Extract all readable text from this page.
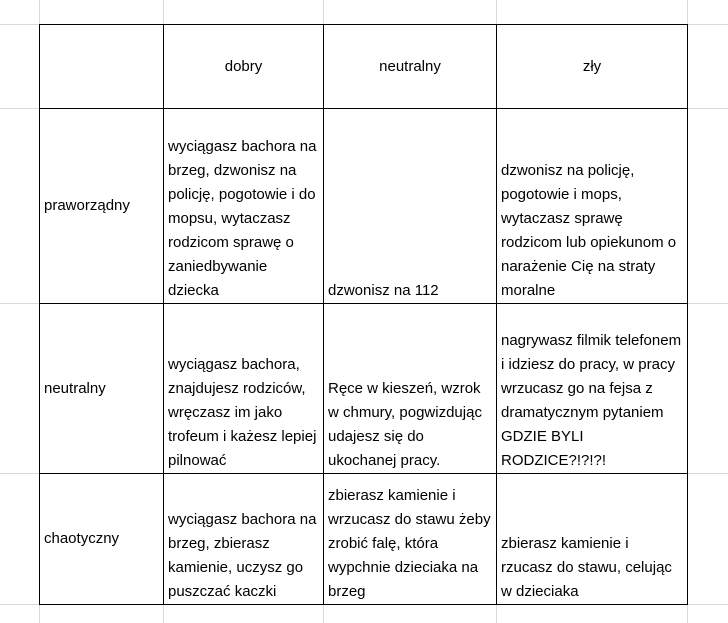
	dobry	neutralny	zły
praworządny	wyciągasz bachora na brzeg, dzwonisz na policję, pogotowie i do mopsu, wytaczasz rodzicom sprawę o zaniedbywanie dziecka	dzwonisz na 112	dzwonisz na policję, pogotowie i mops, wytaczasz sprawę rodzicom lub opiekunom o narażenie Cię na straty moralne
neutralny	wyciągasz bachora, znajdujesz rodziców, wręczasz im jako trofeum i każesz lepiej pilnować	Ręce w kieszeń, wzrok w chmury, pogwizdując udajesz się do ukochanej pracy.	nagrywasz filmik telefonem i idziesz do pracy, w pracy wrzucasz go na fejsa z dramatycznym pytaniem GDZIE BYLI RODZICE?!?!?!
chaotyczny	wyciągasz bachora na brzeg, zbierasz kamienie, uczysz go puszczać kaczki	zbierasz kamienie i wrzucasz do stawu żeby zrobić falę, która wypchnie dzieciaka na brzeg	zbierasz kamienie i rzucasz do stawu, celując w dzieciaka
